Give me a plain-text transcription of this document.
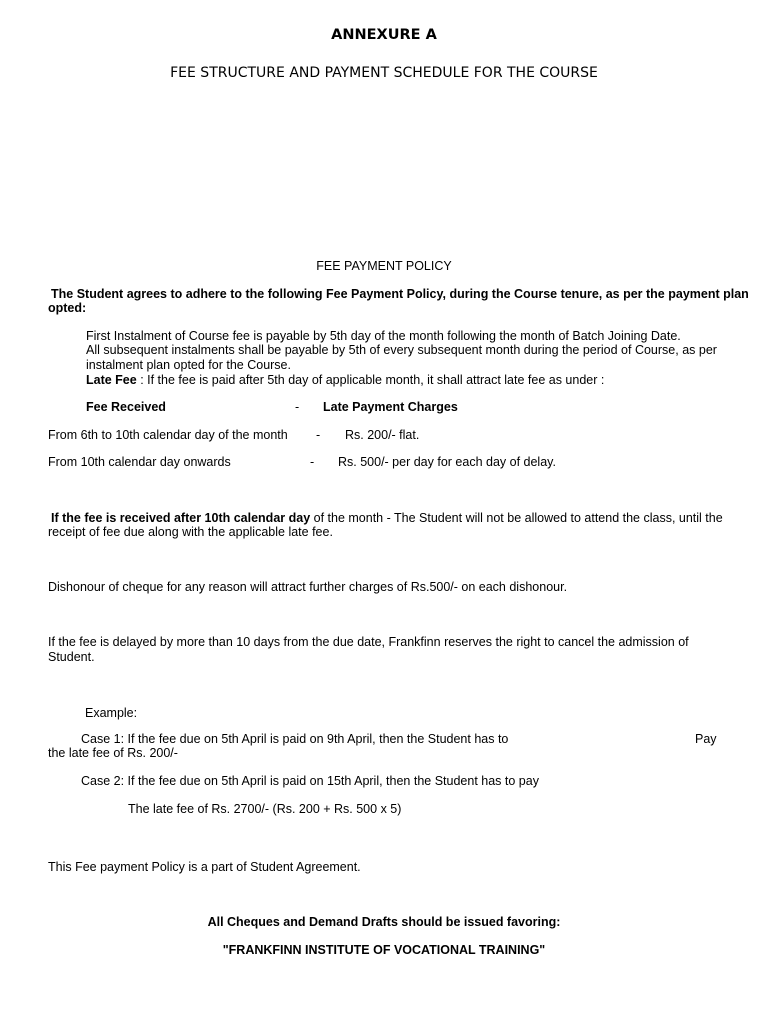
ANNEXURE A
FEE STRUCTURE AND PAYMENT SCHEDULE FOR THE COURSE
FEE PAYMENT POLICY
The Student agrees to adhere to the following Fee Payment Policy, during the Course tenure, as per the payment plan
opted:
First Instalment of Course fee is payable by 5th day of the month following the month of Batch Joining Date.
All subsequent instalments shall be payable by 5th of every subsequent month during the period of Course, as per
instalment plan opted for the Course.
Late Fee : If the fee is paid after 5th day of applicable month, it shall attract late fee as under :
Fee Received	- Late Payment Charges
From 6th to 10th calendar day of the month - Rs. 200/- flat.
From 10th calendar day onwards	- Rs. 500/- per day for each day of delay.
If the fee is received after 10th calendar day of the month - The Student will not be allowed to attend the class, until the
receipt of fee due along with the applicable late fee.
Dishonour of cheque for any reason will attract further charges of Rs.500/- on each dishonour.
If the fee is delayed by more than 10 days from the due date, Frankfinn reserves the right to cancel the admission of
Student.
Example:
Case 1: If the fee due on 5th April is paid on 9th April, then the Student has to	Pay
the late fee of Rs. 200/-
Case 2: If the fee due on 5th April is paid on 15th April, then the Student has to pay
The late fee of Rs. 2700/- (Rs. 200 + Rs. 500 x 5)
This Fee payment Policy is a part of Student Agreement.
All Cheques and Demand Drafts should be issued favoring:
"FRANKFINN INSTITUTE OF VOCATIONAL TRAINING"
